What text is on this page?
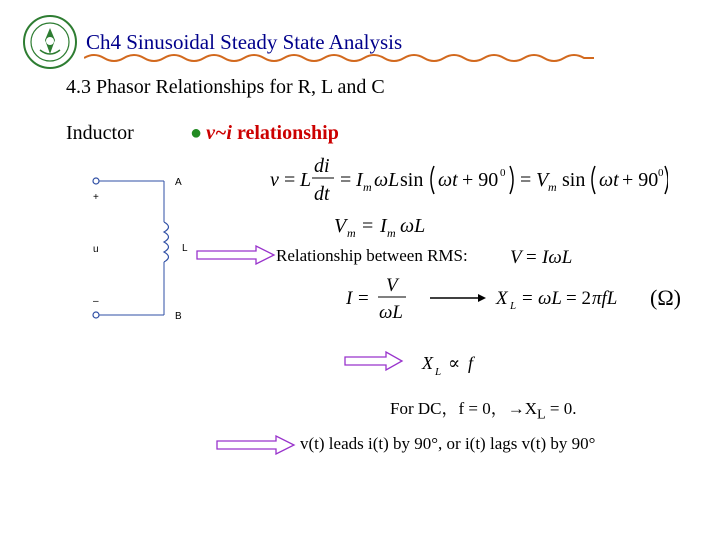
Ch4 Sinusoidal Steady State Analysis
4.3 Phasor Relationships for R, L and C
Inductor	● v~i relationship
+
u
–
A
L
B
v = L
di
dt
= I m ωL sin ωt + 90 0 = V m sin ωt + 90 0
V m = I m ωL
Relationship between RMS: V = IωL
I =
V
ωL
X L = ωL = 2 πfL (Ω)
X L ∝ f
For DC，f = 0，$\to X_L = 0$.
v(t) leads i(t) by 90°, or i(t) lags v(t) by 90°
